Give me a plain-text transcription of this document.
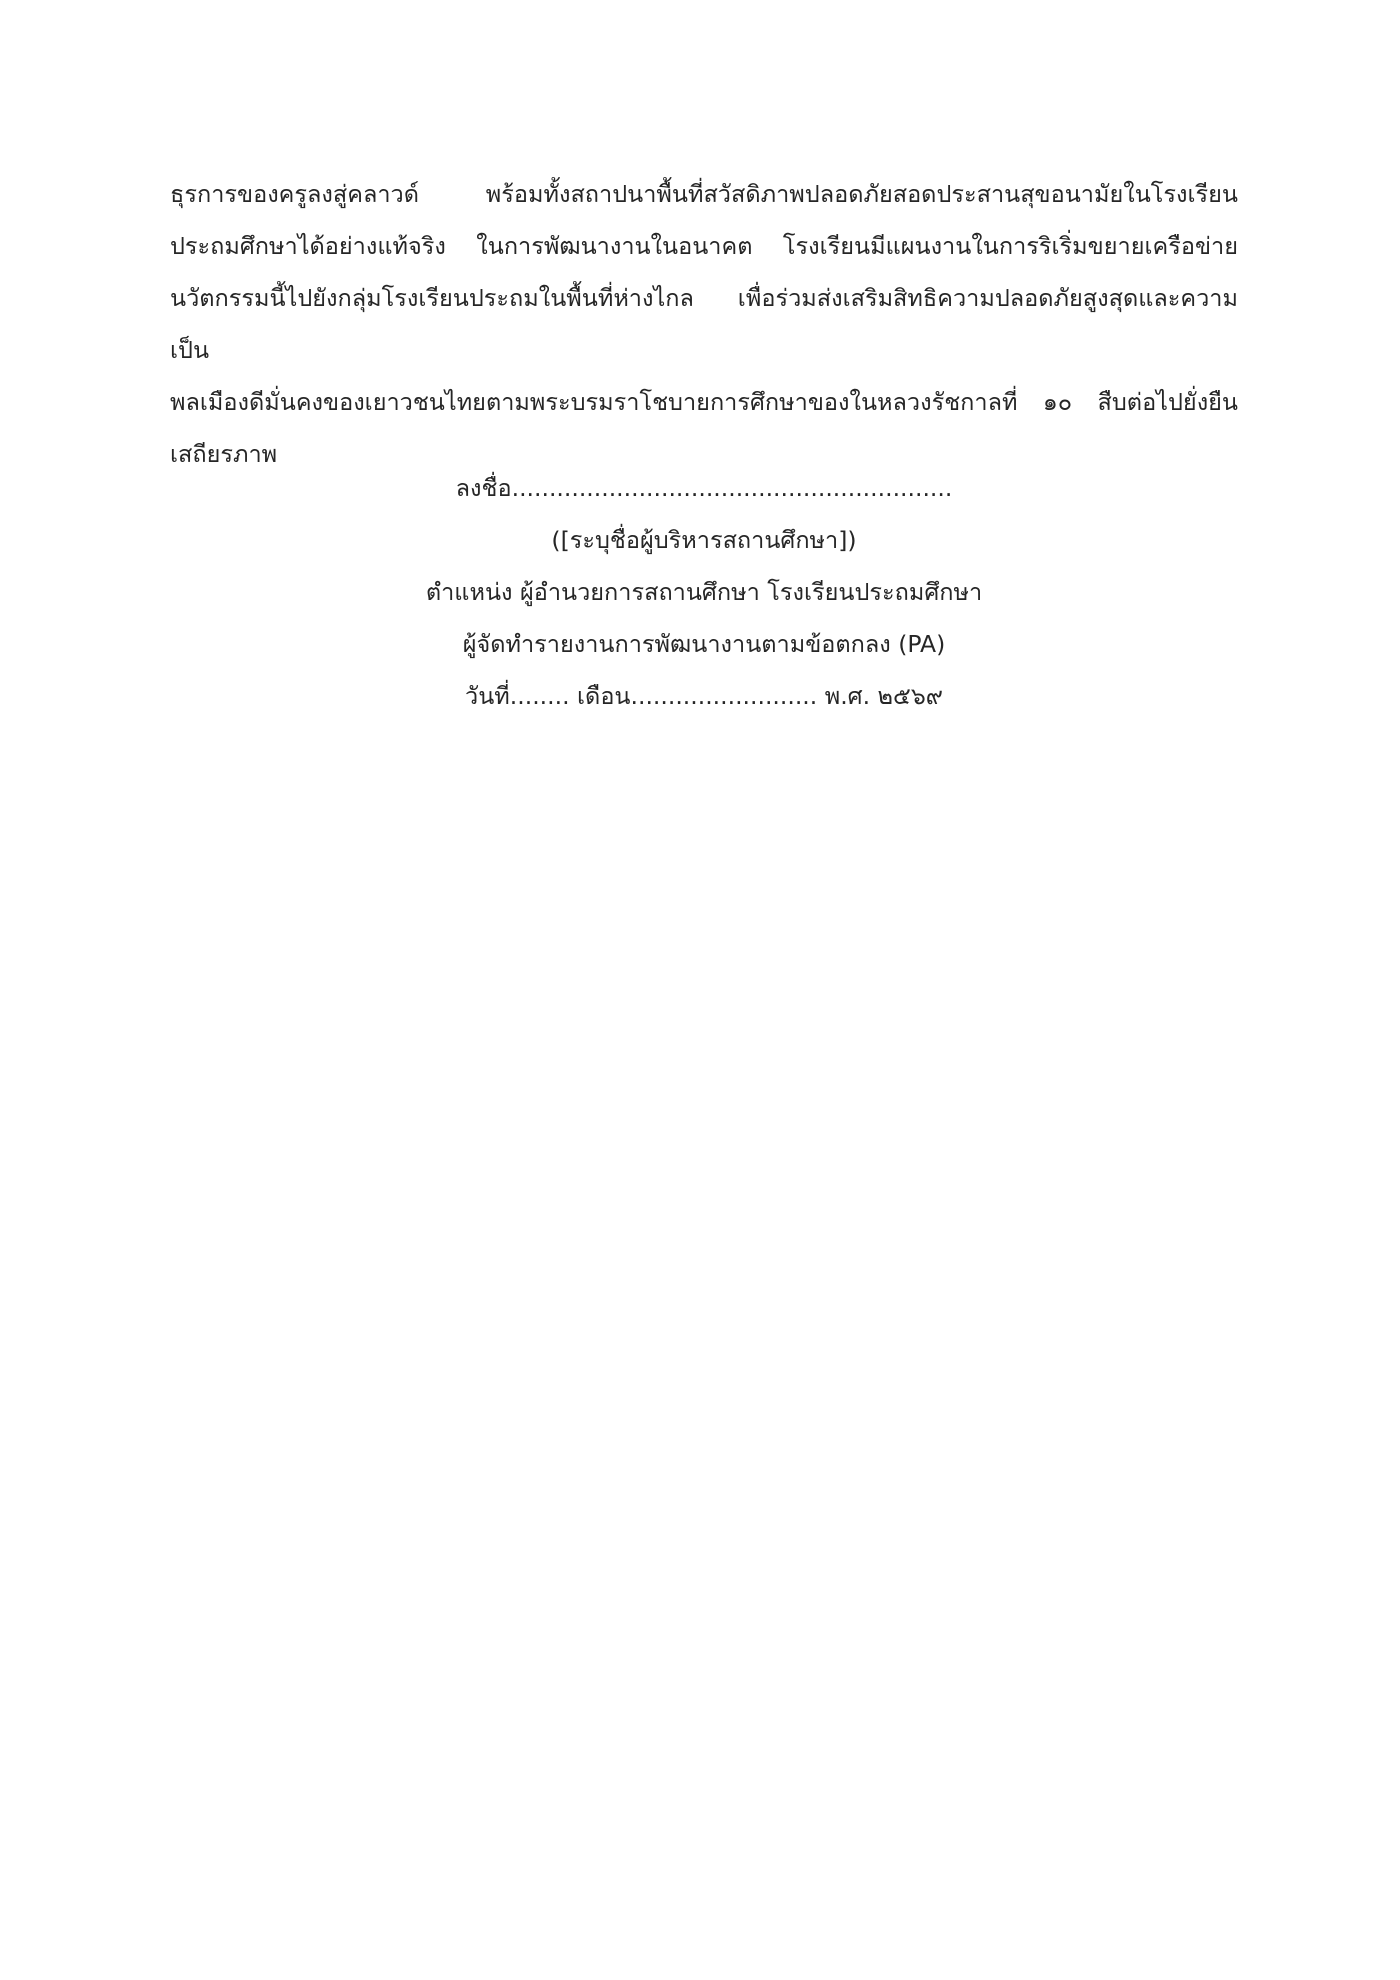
ธุรการของครูลงสู่คลาวด์ พร้อมทั้งสถาปนาพื้นที่สวัสดิภาพปลอดภัยสอดประสานสุขอนามัยในโรงเรียน
ประถมศึกษาได้อย่างแท้จริง ในการพัฒนางานในอนาคต โรงเรียนมีแผนงานในการริเริ่มขยายเครือข่าย
นวัตกรรมนี้ไปยังกลุ่มโรงเรียนประถมในพื้นที่ห่างไกล เพื่อร่วมส่งเสริมสิทธิความปลอดภัยสูงสุดและความเป็น
พลเมืองดีมั่นคงของเยาวชนไทยตามพระบรมราโชบายการศึกษาของในหลวงรัชกาลที่ ๑๐ สืบต่อไปยั่งยืน
เสถียรภาพ
ลงชื่อ...........................................................
([ระบุชื่อผู้บริหารสถานศึกษา])
ตำแหน่ง ผู้อำนวยการสถานศึกษา โรงเรียนประถมศึกษา
ผู้จัดทำรายงานการพัฒนางานตามข้อตกลง (PA)
วันที่........ เดือน......................... พ.ศ. ๒๕๖๙
